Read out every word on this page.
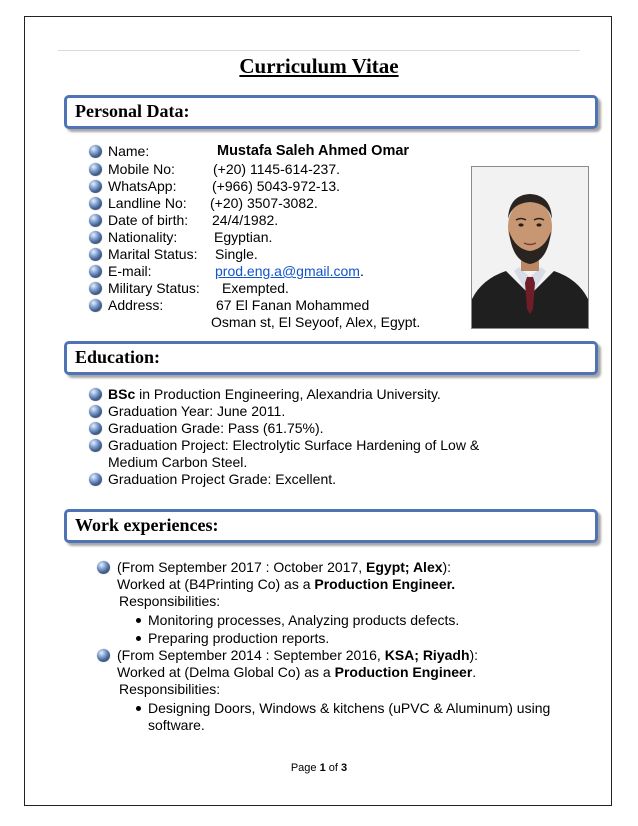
Curriculum Vitae
Personal Data:
Name:	Mustafa Saleh Ahmed Omar
Mobile No:	(+20) 1145-614-237.
WhatsApp:	(+966) 5043-972-13.
Landline No: (+20) 3507-3082.
Date of birth: 24/4/1982.
Nationality:	Egyptian.
Marital Status: Single.
E-mail:	prod.eng.a@gmail.com.
Military Status: Exempted.
Address:	67 El Fanan Mohammed
Osman st, El Seyoof, Alex, Egypt.
Education:
BSc in Production Engineering, Alexandria University.
Graduation Year: June 2011.
Graduation Grade: Pass (61.75%).
Graduation Project: Electrolytic Surface Hardening of Low &
Medium Carbon Steel.
Graduation Project Grade: Excellent.
Work experiences:
(From September 2017 : October 2017, Egypt; Alex):
Worked at (B4Printing Co) as a Production Engineer.
Responsibilities:
Monitoring processes, Analyzing products defects.
Preparing production reports.
(From September 2014 : September 2016, KSA; Riyadh):
Worked at (Delma Global Co) as a Production Engineer.
Responsibilities:
Designing Doors, Windows & kitchens (uPVC & Aluminum) using
software.
Page 1 of 3
